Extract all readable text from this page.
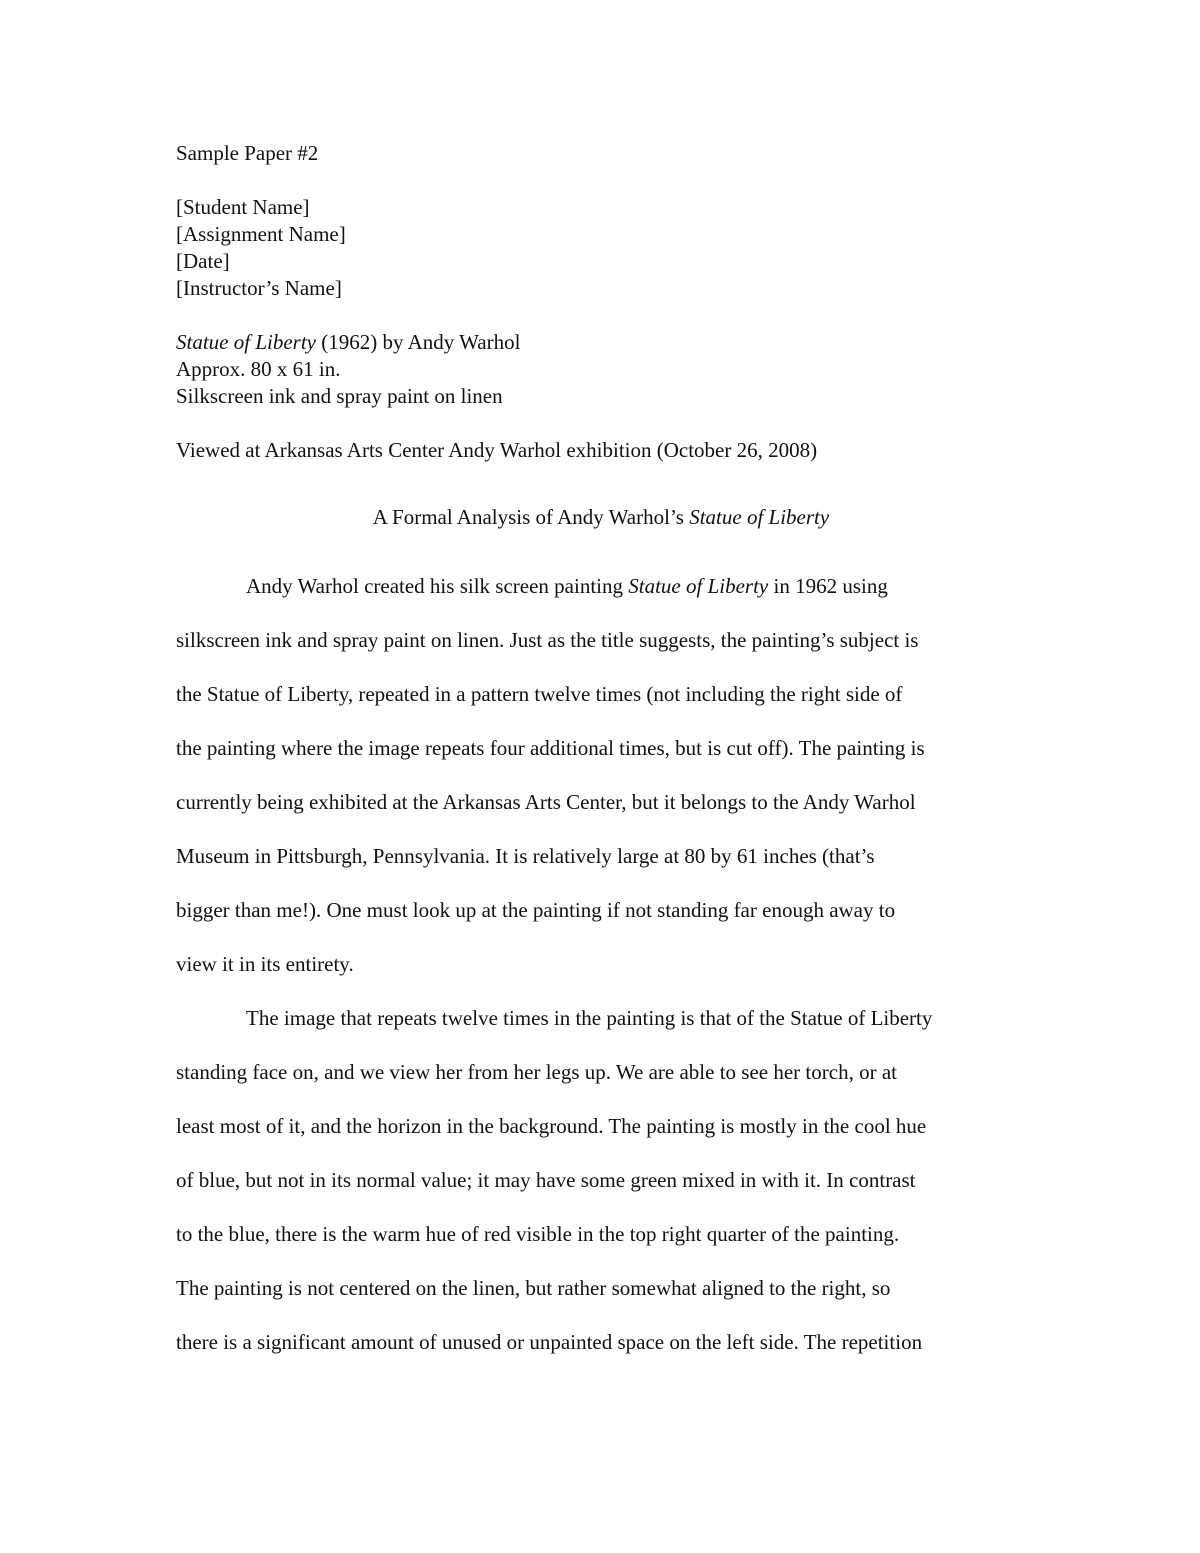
Sample Paper #2
[Student Name]
[Assignment Name]
[Date]
[Instructor’s Name]
Statue of Liberty (1962) by Andy Warhol
Approx. 80 x 61 in.
Silkscreen ink and spray paint on linen
Viewed at Arkansas Arts Center Andy Warhol exhibition (October 26, 2008)
A Formal Analysis of Andy Warhol’s Statue of Liberty
Andy Warhol created his silk screen painting Statue of Liberty in 1962 using
silkscreen ink and spray paint on linen. Just as the title suggests, the painting’s subject is
the Statue of Liberty, repeated in a pattern twelve times (not including the right side of
the painting where the image repeats four additional times, but is cut off). The painting is
currently being exhibited at the Arkansas Arts Center, but it belongs to the Andy Warhol
Museum in Pittsburgh, Pennsylvania. It is relatively large at 80 by 61 inches (that’s
bigger than me!). One must look up at the painting if not standing far enough away to
view it in its entirety.
The image that repeats twelve times in the painting is that of the Statue of Liberty
standing face on, and we view her from her legs up. We are able to see her torch, or at
least most of it, and the horizon in the background. The painting is mostly in the cool hue
of blue, but not in its normal value; it may have some green mixed in with it. In contrast
to the blue, there is the warm hue of red visible in the top right quarter of the painting.
The painting is not centered on the linen, but rather somewhat aligned to the right, so
there is a significant amount of unused or unpainted space on the left side. The repetition
